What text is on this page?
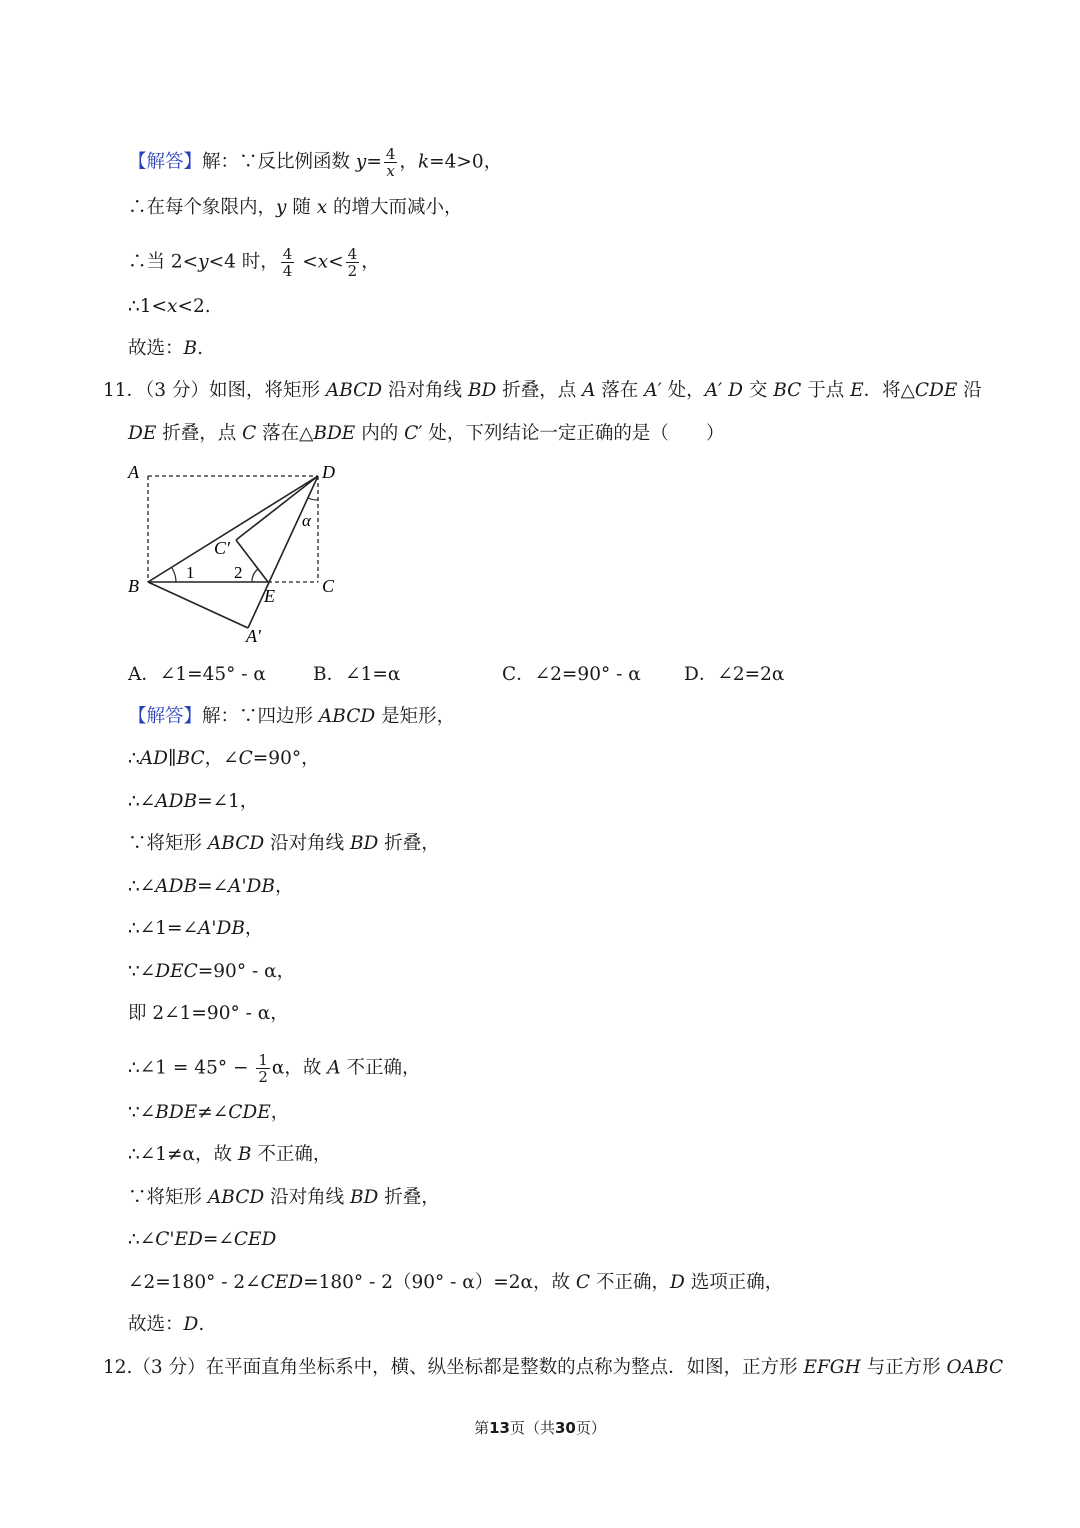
【解答】解：∵反比例函数 $y= \frac{4}{x}$ ，k=4>0，
∴在每个象限内，y 随 x 的增大而减小，
∴当 2<y<4 时， $\frac{4}{4} <x< \frac{4}{2}$ ，
∴1<x<2.
故选：B.
11．（3 分）如图，将矩形 ABCD 沿对角线 BD 折叠，点 A 落在 A′ 处，A′ D 交 BC 于点 E．将△CDE 沿
DE 折叠，点 C 落在△BDE 内的 C′ 处，下列结论一定正确的是（　　）
A	D
B	C
E
A′
C′
1 2
α
A．∠1=45° - α	B．∠1=α	C．∠2=90° - α D．∠2=2α
【解答】解：∵四边形 ABCD 是矩形，
∴AD∥BC，∠C=90°，
∴∠ADB=∠1，
∵将矩形 ABCD 沿对角线 BD 折叠，
∴∠ADB=∠A'DB，
∴∠1=∠A'DB，
∵∠DEC=90° - α，
即 2∠1=90° - α，
∴∠1 = $45^\circ - \frac{1}{2}$ α，故 A 不正确，
∵∠BDE≠∠CDE，
∴∠1≠α，故 B 不正确，
∵将矩形 ABCD 沿对角线 BD 折叠，
∴∠C'ED=∠CED
∠2=180° - 2∠CED=180° - 2（90° - α）=2α，故 C 不正确，D 选项正确，
故选：D.
12.（3 分）在平面直角坐标系中，横、纵坐标都是整数的点称为整点．如图，正方形 EFGH 与正方形 OABC
第13页（共30页）
